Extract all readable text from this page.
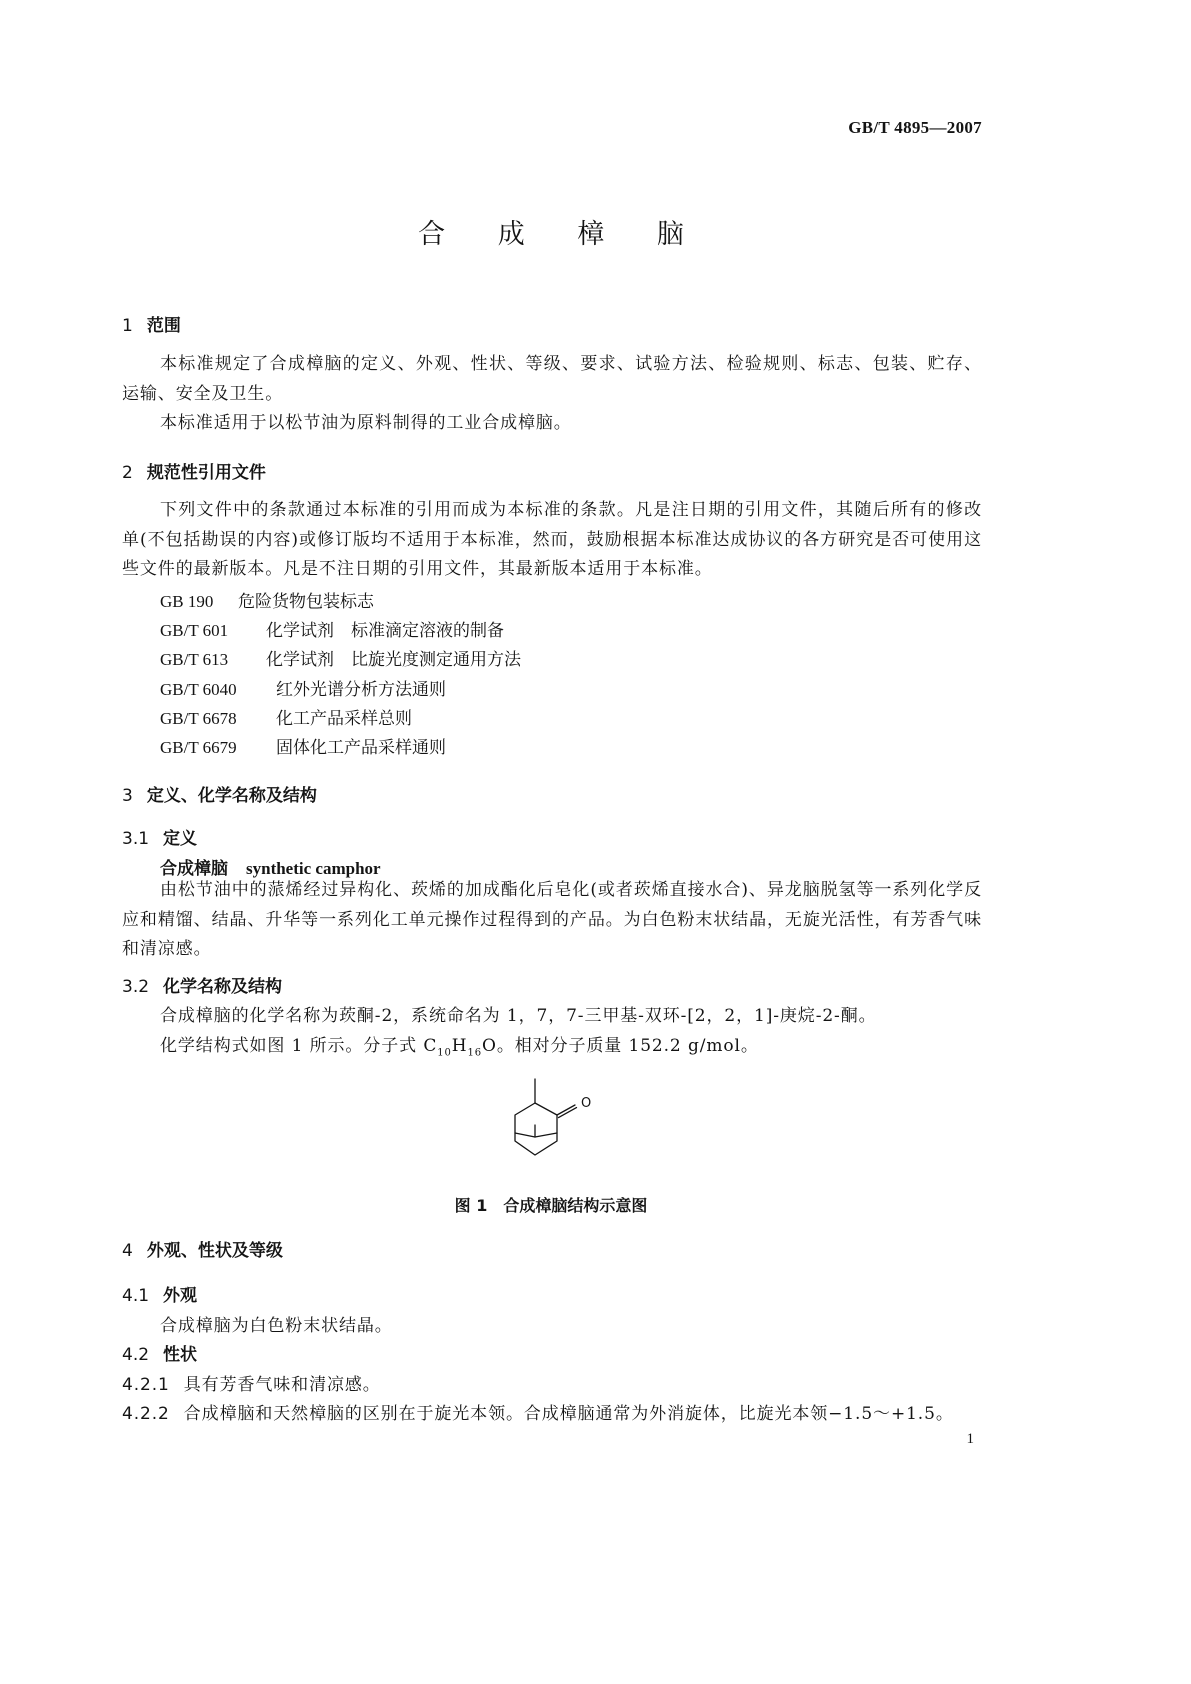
GB/T 4895—2007
合 成 樟 脑
1 范围
本标准规定了合成樟脑的定义、外观、性状、等级、要求、试验方法、检验规则、标志、包装、贮存、运输、安全及卫生。
本标准适用于以松节油为原料制得的工业合成樟脑。
2 规范性引用文件
下列文件中的条款通过本标准的引用而成为本标准的条款。凡是注日期的引用文件，其随后所有的修改单(不包括勘误的内容)或修订版均不适用于本标准，然而，鼓励根据本标准达成协议的各方研究是否可使用这些文件的最新版本。凡是不注日期的引用文件，其最新版本适用于本标准。
GB 190 危险货物包装标志
GB/T 601 化学试剂　标准滴定溶液的制备
GB/T 613 化学试剂　比旋光度测定通用方法
GB/T 6040 红外光谱分析方法通则
GB/T 6678 化工产品采样总则
GB/T 6679 固体化工产品采样通则
3 定义、化学名称及结构
3.1 定义
合成樟脑 synthetic camphor
由松节油中的蒎烯经过异构化、莰烯的加成酯化后皂化(或者莰烯直接水合)、异龙脑脱氢等一系列化学反应和精馏、结晶、升华等一系列化工单元操作过程得到的产品。为白色粉末状结晶，无旋光活性，有芳香气味和清凉感。
3.2 化学名称及结构
合成樟脑的化学名称为莰酮-2，系统命名为 1，7，7-三甲基-双环-[2，2，1]-庚烷-2-酮。
化学结构式如图 1 所示。分子式 $C_{10}H_{16}O$。相对分子质量 152.2 g/mol。
O
图 1　合成樟脑结构示意图
4 外观、性状及等级
4.1 外观
合成樟脑为白色粉末状结晶。
4.2 性状
4.2.1 具有芳香气味和清凉感。
4.2.2 合成樟脑和天然樟脑的区别在于旋光本领。合成樟脑通常为外消旋体，比旋光本领−1.5～+1.5。
1
